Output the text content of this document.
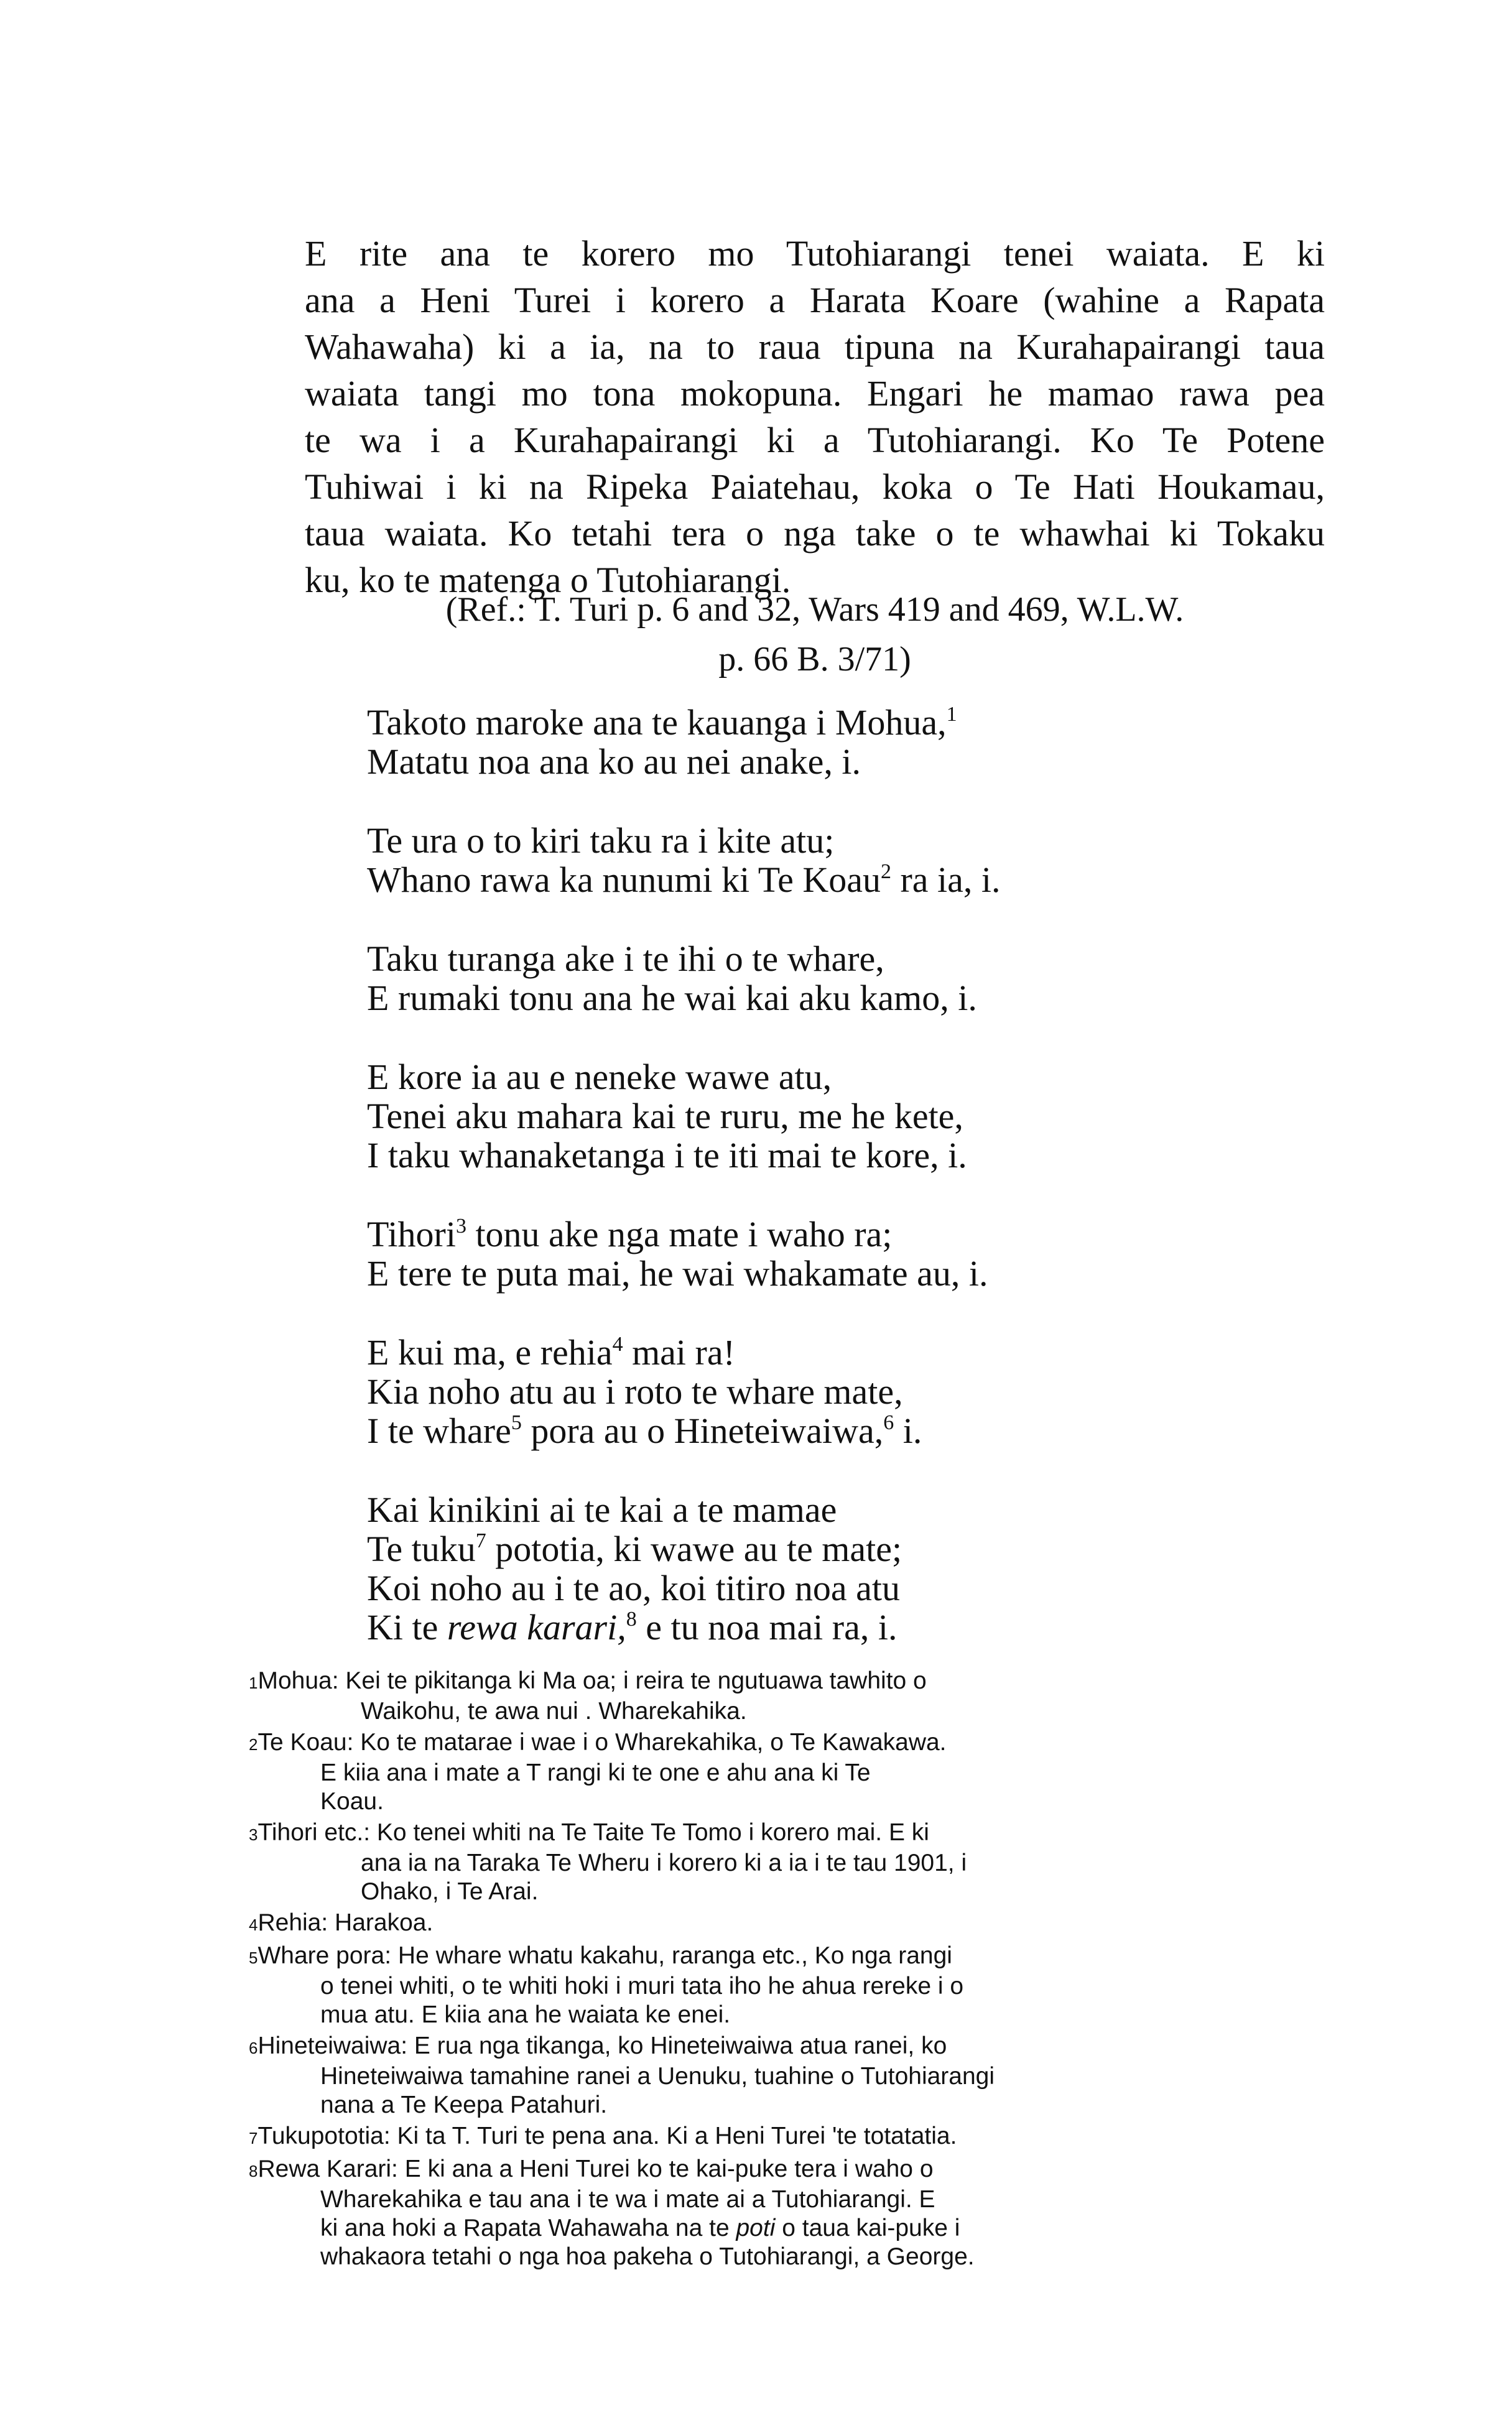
E rite ana te korero mo Tutohiarangi tenei waiata. E ki
ana a Heni Turei i korero a Harata Koare (wahine a Rapata
Wahawaha) ki a ia, na to raua tipuna na Kurahapairangi taua
waiata tangi mo tona mokopuna. Engari he mamao rawa pea
te wa i a Kurahapairangi ki a Tutohiarangi. Ko Te Potene
Tuhiwai i ki na Ripeka Paiatehau, koka o Te Hati Houkamau,
taua waiata. Ko tetahi tera o nga take o te whawhai ki Tokaku
ku, ko te matenga o Tutohiarangi.
(Ref.: T. Turi p. 6 and 32, Wars 419 and 469, W.L.W.
p. 66 B. 3/71)
Takoto maroke ana te kauanga i Mohua,$^1$
Matatu noa ana ko au nei anake, i.
Te ura o to kiri taku ra i kite atu;
Whano rawa ka nunumi ki Te Koau$^2$ ra ia, i.
Taku turanga ake i te ihi o te whare,
E rumaki tonu ana he wai kai aku kamo, i.
E kore ia au e neneke wawe atu,
Tenei aku mahara kai te ruru, me he kete,
I taku whanaketanga i te iti mai te kore, i.
Tihori$^3$ tonu ake nga mate i waho ra;
E tere te puta mai, he wai whakamate au, i.
E kui ma, e rehia$^4$ mai ra!
Kia noho atu au i roto te whare mate,
I te whare$^5$ pora au o Hineteiwaiwa,$^6$ i.
Kai kinikini ai te kai a te mamae
Te tuku$^7$ pototia, ki wawe au te mate;
Koi noho au i te ao, koi titiro noa atu
Ki te rewa karari,$^8$ e tu noa mai ra, i.
1Mohua: Kei te pikitanga ki Ma oa; i reira te ngutuawa tawhito o
Waikohu, te awa nui . Wharekahika.
2Te Koau: Ko te matarae i wae i o Wharekahika, o Te Kawakawa.
E kiia ana i mate a T rangi ki te one e ahu ana ki Te
Koau.
3Tihori etc.: Ko tenei whiti na Te Taite Te Tomo i korero mai. E ki
ana ia na Taraka Te Wheru i korero ki a ia i te tau 1901, i
Ohako, i Te Arai.
4Rehia: Harakoa.
5Whare pora: He whare whatu kakahu, raranga etc., Ko nga rangi
o tenei whiti, o te whiti hoki i muri tata iho he ahua rereke i o
mua atu. E kiia ana he waiata ke enei.
6Hineteiwaiwa: E rua nga tikanga, ko Hineteiwaiwa atua ranei, ko
Hineteiwaiwa tamahine ranei a Uenuku, tuahine o Tutohiarangi
nana a Te Keepa Patahuri.
7Tukupototia: Ki ta T. Turi te pena ana. Ki a Heni Turei 'te totatatia.
8Rewa Karari: E ki ana a Heni Turei ko te kai-puke tera i waho o
Wharekahika e tau ana i te wa i mate ai a Tutohiarangi. E
ki ana hoki a Rapata Wahawaha na te poti o taua kai-puke i
whakaora tetahi o nga hoa pakeha o Tutohiarangi, a George.
